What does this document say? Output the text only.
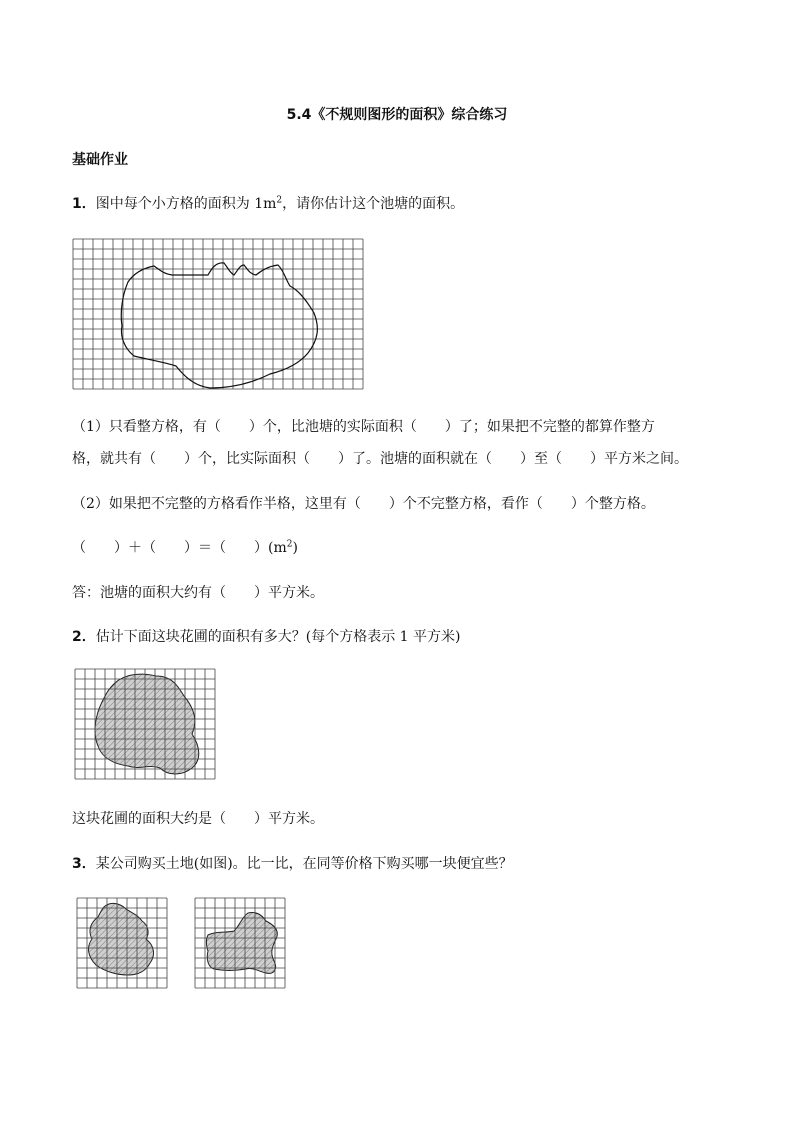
5.4《不规则图形的面积》综合练习
基础作业
1．图中每个小方格的面积为 $1m^2$，请你估计这个池塘的面积。
（1）只看整方格，有（　　）个，比池塘的实际面积（　　）了；如果把不完整的都算作整方
格，就共有（　　）个，比实际面积（　　）了。池塘的面积就在（　　）至（　　）平方米之间。
（2）如果把不完整的方格看作半格，这里有（　　）个不完整方格，看作（　　）个整方格。
（　　）＋（　　）＝（　　）$(m^2)$
答：池塘的面积大约有（　　）平方米。
2．估计下面这块花圃的面积有多大？(每个方格表示 1 平方米)
这块花圃的面积大约是（　　）平方米。
3．某公司购买土地(如图)。比一比，在同等价格下购买哪一块便宜些？
